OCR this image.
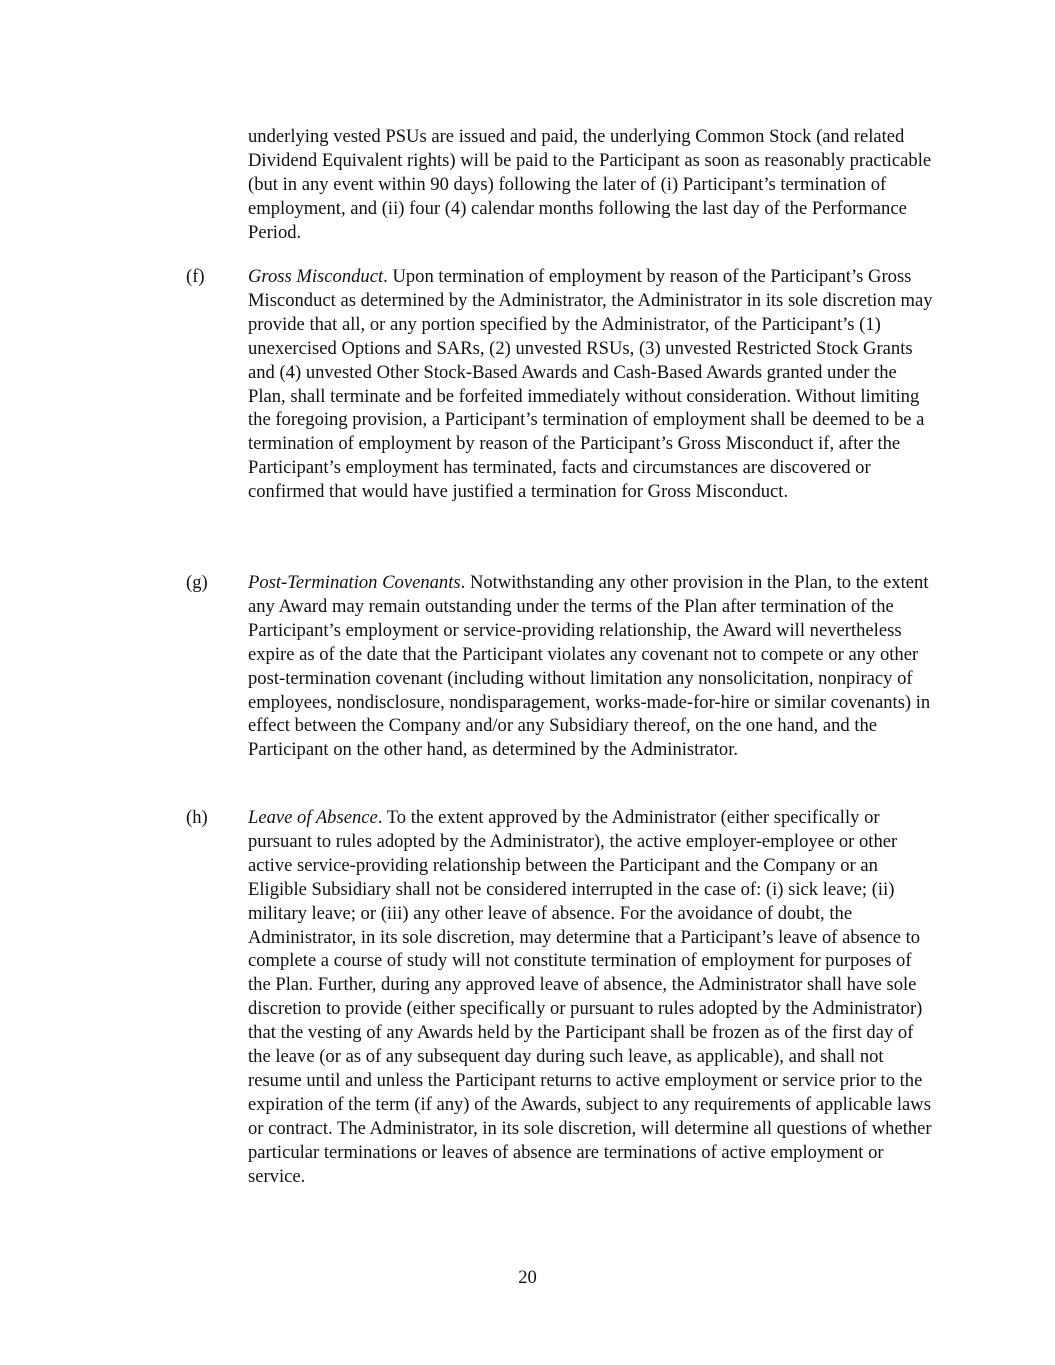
underlying vested PSUs are issued and paid, the underlying Common Stock (and related Dividend Equivalent rights) will be paid to the Participant as soon as reasonably practicable (but in any event within 90 days) following the later of (i) Participant’s termination of employment, and (ii) four (4) calendar months following the last day of the Performance Period.

(f) Gross Misconduct. Upon termination of employment by reason of the Participant’s Gross Misconduct as determined by the Administrator, the Administrator in its sole discretion may provide that all, or any portion specified by the Administrator, of the Participant’s (1) unexercised Options and SARs, (2) unvested RSUs, (3) unvested Restricted Stock Grants and (4) unvested Other Stock-Based Awards and Cash-Based Awards granted under the Plan, shall terminate and be forfeited immediately without consideration. Without limiting the foregoing provision, a Participant’s termination of employment shall be deemed to be a termination of employment by reason of the Participant’s Gross Misconduct if, after the Participant’s employment has terminated, facts and circumstances are discovered or confirmed that would have justified a termination for Gross Misconduct.

(g) Post-Termination Covenants. Notwithstanding any other provision in the Plan, to the extent any Award may remain outstanding under the terms of the Plan after termination of the Participant’s employment or service-providing relationship, the Award will nevertheless expire as of the date that the Participant violates any covenant not to compete or any other post-termination covenant (including without limitation any nonsolicitation, nonpiracy of employees, nondisclosure, nondisparagement, works-made-for-hire or similar covenants) in effect between the Company and/or any Subsidiary thereof, on the one hand, and the Participant on the other hand, as determined by the Administrator.

(h) Leave of Absence. To the extent approved by the Administrator (either specifically or pursuant to rules adopted by the Administrator), the active employer-employee or other active service-providing relationship between the Participant and the Company or an Eligible Subsidiary shall not be considered interrupted in the case of: (i) sick leave; (ii) military leave; or (iii) any other leave of absence. For the avoidance of doubt, the Administrator, in its sole discretion, may determine that a Participant’s leave of absence to complete a course of study will not constitute termination of employment for purposes of the Plan. Further, during any approved leave of absence, the Administrator shall have sole discretion to provide (either specifically or pursuant to rules adopted by the Administrator) that the vesting of any Awards held by the Participant shall be frozen as of the first day of the leave (or as of any subsequent day during such leave, as applicable), and shall not resume until and unless the Participant returns to active employment or service prior to the expiration of the term (if any) of the Awards, subject to any requirements of applicable laws or contract. The Administrator, in its sole discretion, will determine all questions of whether particular terminations or leaves of absence are terminations of active employment or service.

20
